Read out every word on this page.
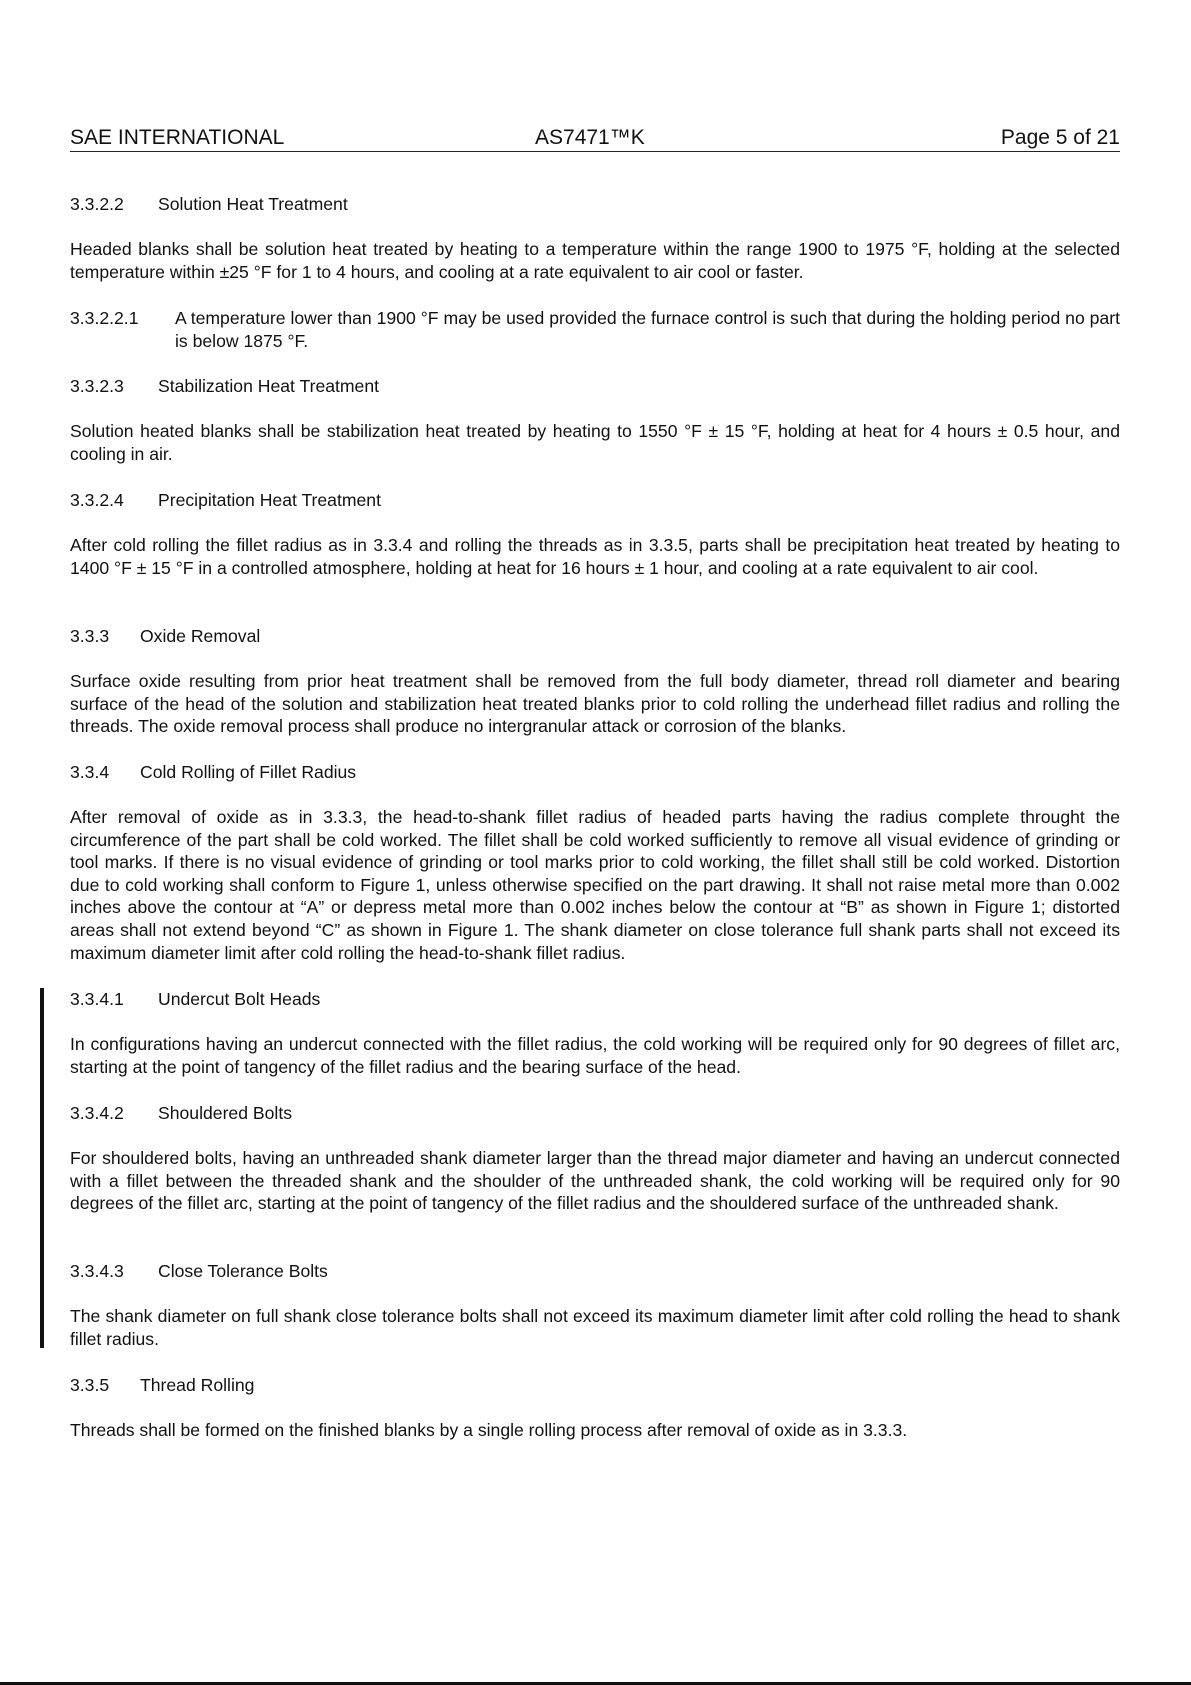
SAE INTERNATIONAL	AS7471™K	Page 5 of 21
3.3.2.2 Solution Heat Treatment

Headed blanks shall be solution heat treated by heating to a temperature within the range 1900 to 1975 °F, holding at the selected temperature within ±25 °F for 1 to 4 hours, and cooling at a rate equivalent to air cool or faster.

3.3.2.2.1 A temperature lower than 1900 °F may be used provided the furnace control is such that during the holding period no part is below 1875 °F.

3.3.2.3 Stabilization Heat Treatment

Solution heated blanks shall be stabilization heat treated by heating to 1550 °F ± 15 °F, holding at heat for 4 hours ± 0.5 hour, and cooling in air.

3.3.2.4 Precipitation Heat Treatment

After cold rolling the fillet radius as in 3.3.4 and rolling the threads as in 3.3.5, parts shall be precipitation heat treated by heating to 1400 °F ± 15 °F in a controlled atmosphere, holding at heat for 16 hours ± 1 hour, and cooling at a rate equivalent to air cool.

3.3.3 Oxide Removal

Surface oxide resulting from prior heat treatment shall be removed from the full body diameter, thread roll diameter and bearing surface of the head of the solution and stabilization heat treated blanks prior to cold rolling the underhead fillet radius and rolling the threads. The oxide removal process shall produce no intergranular attack or corrosion of the blanks.

3.3.4 Cold Rolling of Fillet Radius

After removal of oxide as in 3.3.3, the head-to-shank fillet radius of headed parts having the radius complete throught the circumference of the part shall be cold worked. The fillet shall be cold worked sufficiently to remove all visual evidence of grinding or tool marks. If there is no visual evidence of grinding or tool marks prior to cold working, the fillet shall still be cold worked. Distortion due to cold working shall conform to Figure 1, unless otherwise specified on the part drawing. It shall not raise metal more than 0.002 inches above the contour at “A” or depress metal more than 0.002 inches below the contour at “B” as shown in Figure 1; distorted areas shall not extend beyond “C” as shown in Figure 1. The shank diameter on close tolerance full shank parts shall not exceed its maximum diameter limit after cold rolling the head-to-shank fillet radius.

3.3.4.1 Undercut Bolt Heads

In configurations having an undercut connected with the fillet radius, the cold working will be required only for 90 degrees of fillet arc, starting at the point of tangency of the fillet radius and the bearing surface of the head.

3.3.4.2 Shouldered Bolts

For shouldered bolts, having an unthreaded shank diameter larger than the thread major diameter and having an undercut connected with a fillet between the threaded shank and the shoulder of the unthreaded shank, the cold working will be required only for 90 degrees of the fillet arc, starting at the point of tangency of the fillet radius and the shouldered surface of the unthreaded shank.

3.3.4.3 Close Tolerance Bolts

The shank diameter on full shank close tolerance bolts shall not exceed its maximum diameter limit after cold rolling the head to shank fillet radius.

3.3.5 Thread Rolling

Threads shall be formed on the finished blanks by a single rolling process after removal of oxide as in 3.3.3.
